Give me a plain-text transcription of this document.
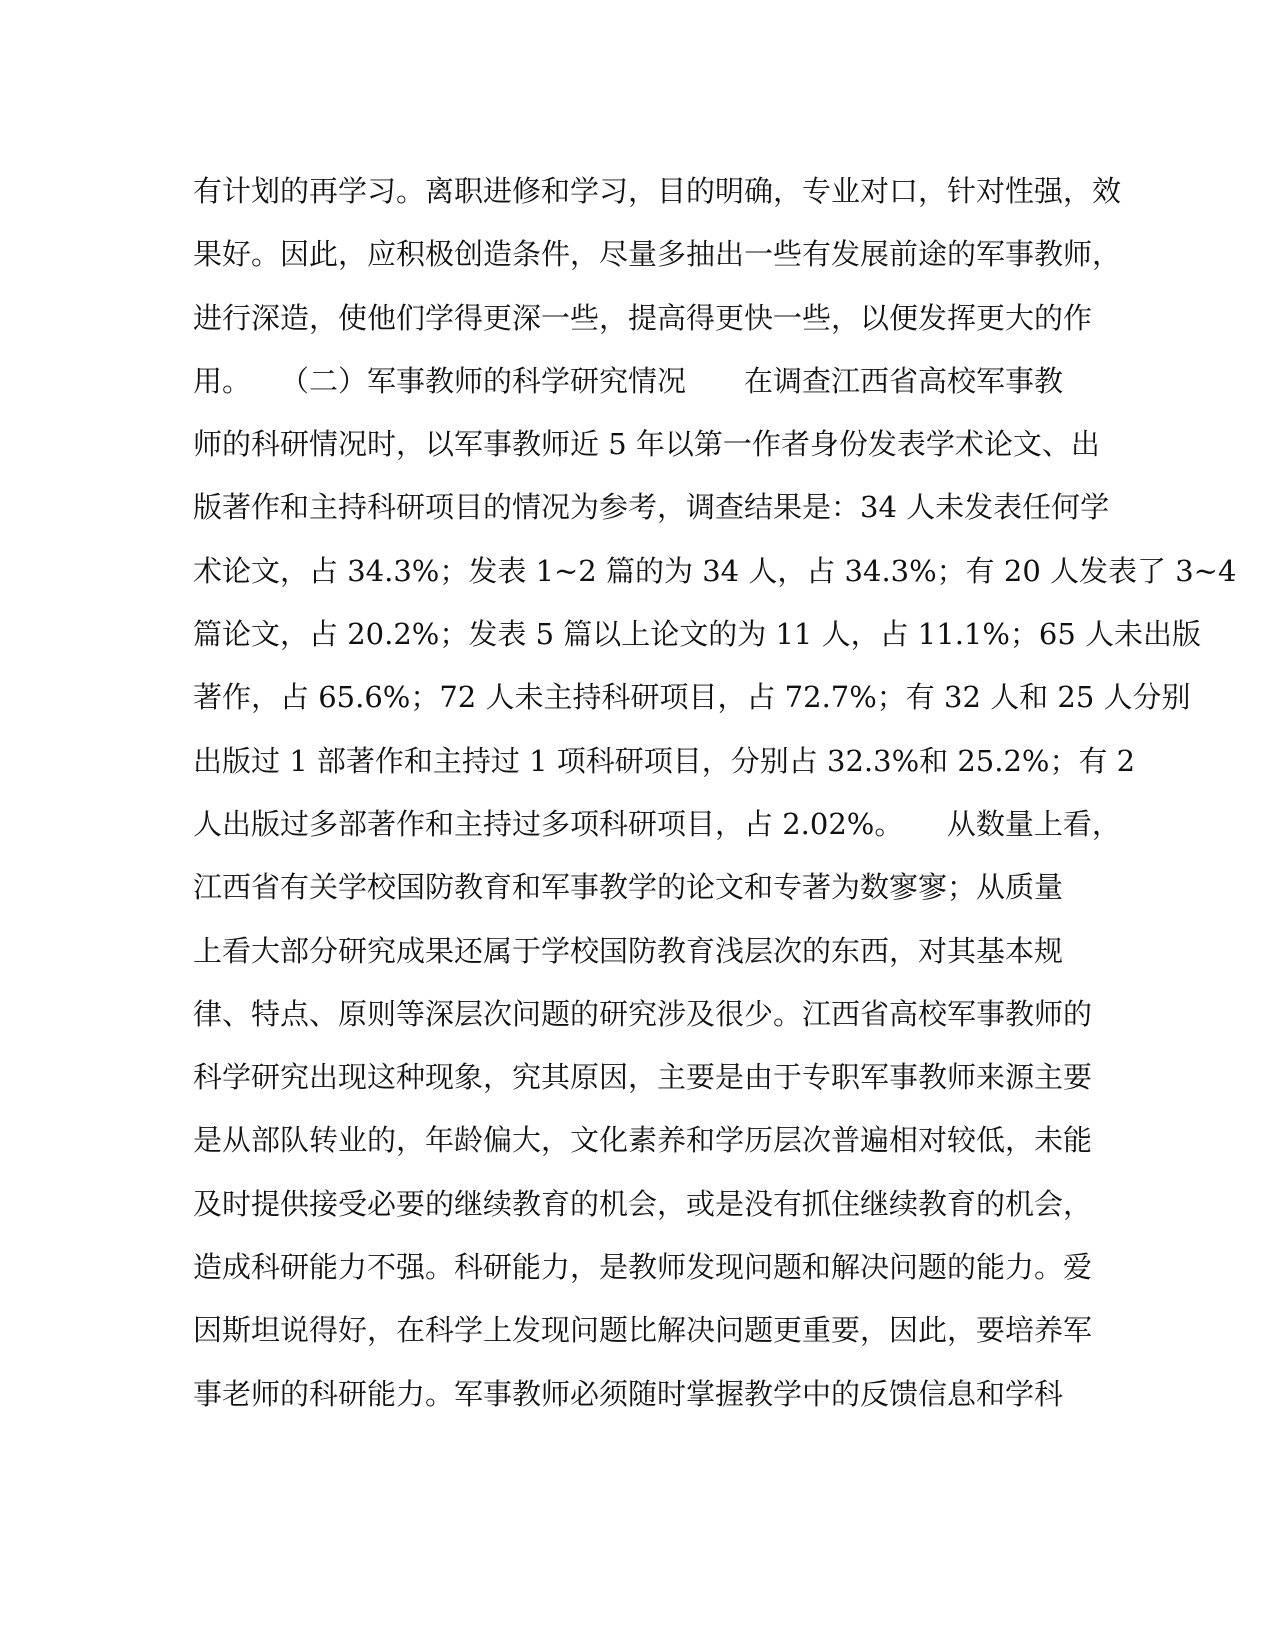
有计划的再学习。离职进修和学习，目的明确，专业对口，针对性强，效
果好。因此，应积极创造条件，尽量多抽出一些有发展前途的军事教师，
进行深造，使他们学得更深一些，提高得更快一些，以便发挥更大的作
用。　　（二）军事教师的科学研究情况　　在调查江西省高校军事教
师的科研情况时，以军事教师近 5 年以第一作者身份发表学术论文、出
版著作和主持科研项目的情况为参考，调查结果是：34 人未发表任何学
术论文，占 34.3%；发表 1~2 篇的为 34 人，占 34.3%；有 20 人发表了 3~4
篇论文，占 20.2%；发表 5 篇以上论文的为 11 人，占 11.1%；65 人未出版
著作，占 65.6%；72 人未主持科研项目，占 72.7%；有 32 人和 25 人分别
出版过 1 部著作和主持过 1 项科研项目，分别占 32.3%和 25.2%；有 2
人出版过多部著作和主持过多项科研项目，占 2.02%。　　从数量上看，
江西省有关学校国防教育和军事教学的论文和专著为数寥寥；从质量
上看大部分研究成果还属于学校国防教育浅层次的东西，对其基本规
律、特点、原则等深层次问题的研究涉及很少。江西省高校军事教师的
科学研究出现这种现象，究其原因，主要是由于专职军事教师来源主要
是从部队转业的，年龄偏大，文化素养和学历层次普遍相对较低，未能
及时提供接受必要的继续教育的机会，或是没有抓住继续教育的机会，
造成科研能力不强。科研能力，是教师发现问题和解决问题的能力。爱
因斯坦说得好，在科学上发现问题比解决问题更重要，因此，要培养军
事老师的科研能力。军事教师必须随时掌握教学中的反馈信息和学科
